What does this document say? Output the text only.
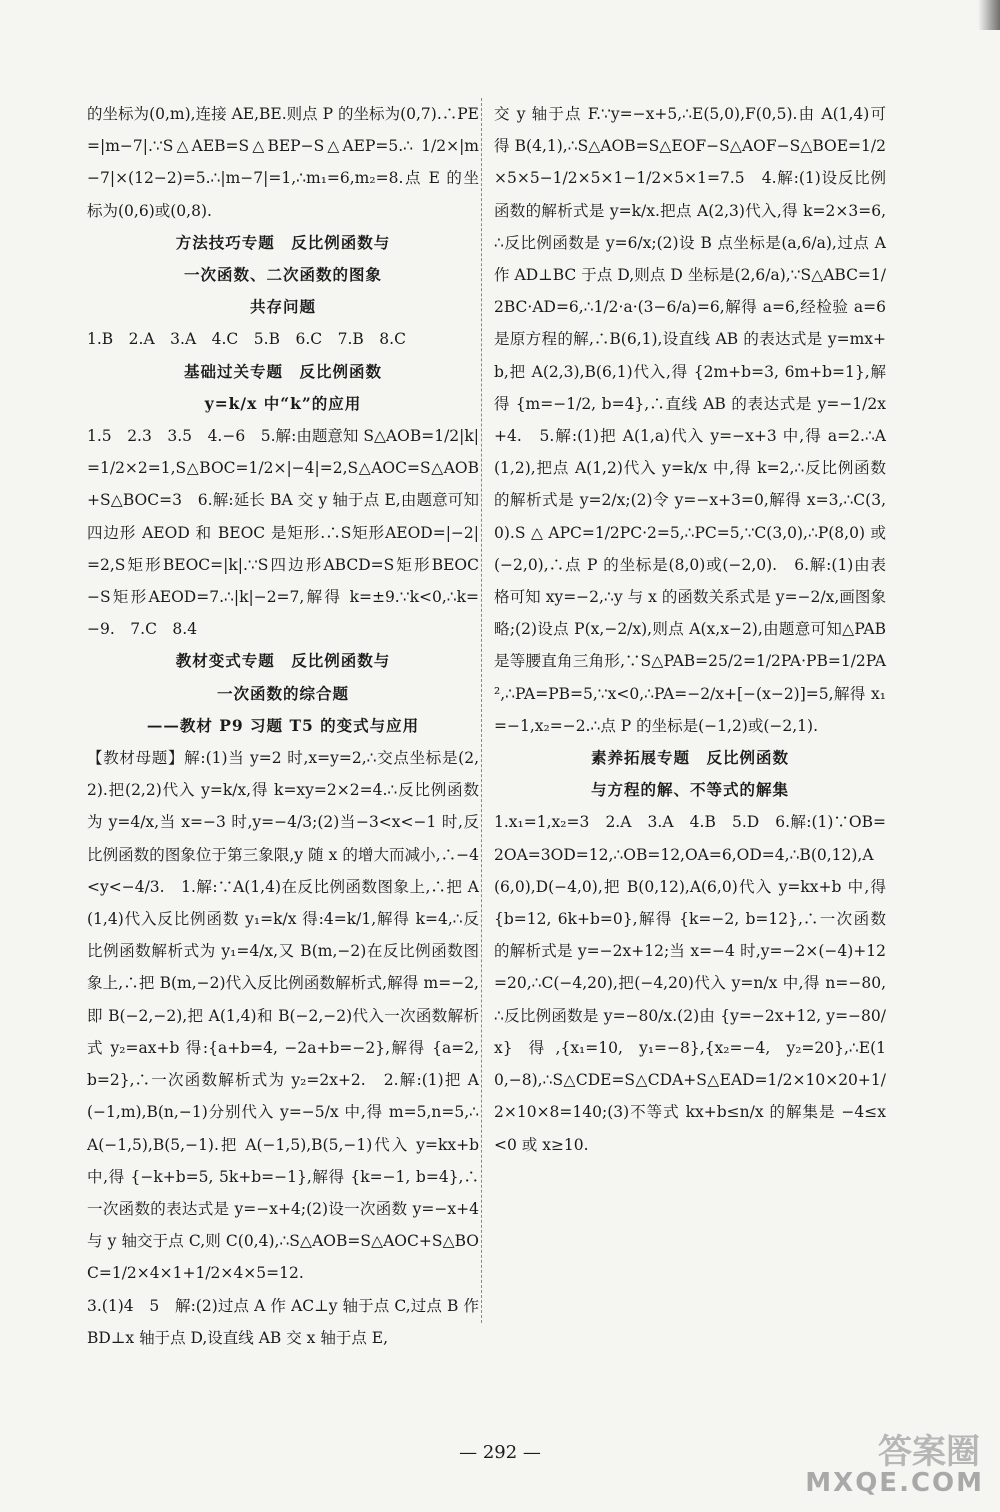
的坐标为(0,m),连接 AE,BE.则点 P 的坐标为(0,7).∴PE=|m−7|.∵S△AEB=S△BEP−S△AEP=5.∴ 1/2×|m−7|×(12−2)=5.∴|m−7|=1,∴m₁=6,m₂=8.点 E 的坐标为(0,6)或(0,8).

方法技巧专题　反比例函数与
一次函数、二次函数的图象
共存问题

1.B　2.A　3.A　4.C　5.B　6.C　7.B　8.C

基础过关专题　反比例函数
y=k/x 中“k”的应用

1.5　2.3　3.5　4.−6　5.解:由题意知 S△AOB=1/2|k|=1/2×2=1,S△BOC=1/2×|−4|=2,S△AOC=S△AOB+S△BOC=3　6.解:延长 BA 交 y 轴于点 E,由题意可知四边形 AEOD 和 BEOC 是矩形.∴S矩形AEOD=|−2|=2,S矩形BEOC=|k|.∵S四边形ABCD=S矩形BEOC−S矩形AEOD=7.∴|k|−2=7,解得 k=±9.∵k<0,∴k=−9.　7.C　8.4

教材变式专题　反比例函数与
一次函数的综合题
——教材 P9 习题 T5 的变式与应用

【教材母题】解:(1)当 y=2 时,x=y=2,∴交点坐标是(2,2).把(2,2)代入 y=k/x,得 k=xy=2×2=4.∴反比例函数为 y=4/x,当 x=−3 时,y=−4/3;(2)当−3<x<−1 时,反比例函数的图象位于第三象限,y 随 x 的增大而减小,∴−4<y<−4/3.　1.解:∵A(1,4)在反比例函数图象上,∴把 A(1,4)代入反比例函数 y₁=k/x 得:4=k/1,解得 k=4,∴反比例函数解析式为 y₁=4/x,又 B(m,−2)在反比例函数图象上,∴把 B(m,−2)代入反比例函数解析式,解得 m=−2,即 B(−2,−2),把 A(1,4)和 B(−2,−2)代入一次函数解析式 y₂=ax+b 得:{a+b=4, −2a+b=−2},解得 {a=2, b=2},∴一次函数解析式为 y₂=2x+2.　2.解:(1)把 A(−1,m),B(n,−1)分别代入 y=−5/x 中,得 m=5,n=5,∴A(−1,5),B(5,−1).把 A(−1,5),B(5,−1)代入 y=kx+b 中,得 {−k+b=5, 5k+b=−1},解得 {k=−1, b=4},∴一次函数的表达式是 y=−x+4;(2)设一次函数 y=−x+4 与 y 轴交于点 C,则 C(0,4),∴S△AOB=S△AOC+S△BOC=1/2×4×1+1/2×4×5=12.

3.(1)4　5　解:(2)过点 A 作 AC⊥y 轴于点 C,过点 B 作 BD⊥x 轴于点 D,设直线 AB 交 x 轴于点 E,

交 y 轴于点 F.∵y=−x+5,∴E(5,0),F(0,5).由 A(1,4)可得 B(4,1),∴S△AOB=S△EOF−S△AOF−S△BOE=1/2×5×5−1/2×5×1−1/2×5×1=7.5　4.解:(1)设反比例函数的解析式是 y=k/x.把点 A(2,3)代入,得 k=2×3=6,∴反比例函数是 y=6/x;(2)设 B 点坐标是(a,6/a),过点 A 作 AD⊥BC 于点 D,则点 D 坐标是(2,6/a),∵S△ABC=1/2BC·AD=6,∴1/2·a·(3−6/a)=6,解得 a=6,经检验 a=6 是原方程的解,∴B(6,1),设直线 AB 的表达式是 y=mx+b,把 A(2,3),B(6,1)代入,得 {2m+b=3, 6m+b=1},解得 {m=−1/2, b=4},∴直线 AB 的表达式是 y=−1/2x+4.　5.解:(1)把 A(1,a)代入 y=−x+3 中,得 a=2.∴A(1,2),把点 A(1,2)代入 y=k/x 中,得 k=2,∴反比例函数的解析式是 y=2/x;(2)令 y=−x+3=0,解得 x=3,∴C(3,0).S△APC=1/2PC·2=5,∴PC=5,∵C(3,0),∴P(8,0)或(−2,0),∴点 P 的坐标是(8,0)或(−2,0).　6.解:(1)由表格可知 xy=−2,∴y 与 x 的函数关系式是 y=−2/x,画图象略;(2)设点 P(x,−2/x),则点 A(x,x−2),由题意可知△PAB 是等腰直角三角形,∵S△PAB=25/2=1/2PA·PB=1/2PA²,∴PA=PB=5,∵x<0,∴PA=−2/x+[−(x−2)]=5,解得 x₁=−1,x₂=−2.∴点 P 的坐标是(−1,2)或(−2,1).

素养拓展专题　反比例函数
与方程的解、不等式的解集

1.x₁=1,x₂=3　2.A　3.A　4.B　5.D　6.解:(1)∵OB=2OA=3OD=12,∴OB=12,OA=6,OD=4,∴B(0,12),A(6,0),D(−4,0),把 B(0,12),A(6,0)代入 y=kx+b 中,得 {b=12, 6k+b=0},解得 {k=−2, b=12},∴一次函数的解析式是 y=−2x+12;当 x=−4 时,y=−2×(−4)+12=20,∴C(−4,20),把(−4,20)代入 y=n/x 中,得 n=−80,∴反比例函数是 y=−80/x.(2)由 {y=−2x+12, y=−80/x} 得,{x₁=10, y₁=−8},{x₂=−4, y₂=20},∴E(10,−8),∴S△CDE=S△CDA+S△EAD=1/2×10×20+1/2×10×8=140;(3)不等式 kx+b≤n/x 的解集是 −4≤x<0 或 x≥10.

— 292 —	答案圈
MXQE.COM
